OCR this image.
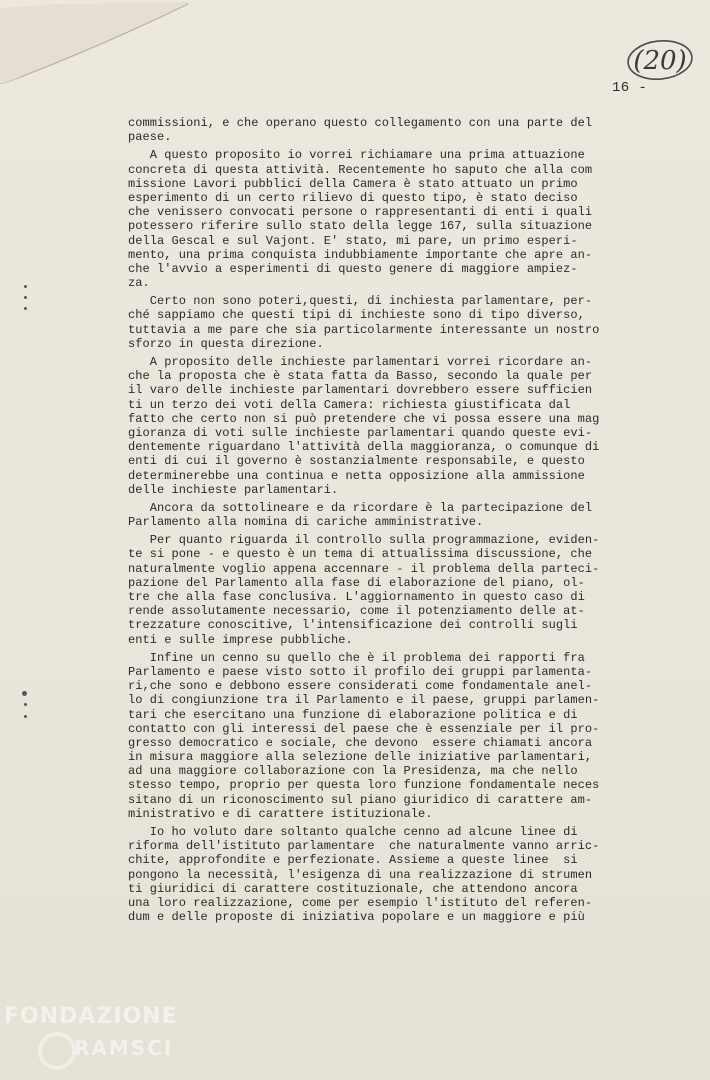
(20)
16 -
commissioni, e che operano questo collegamento con una parte del
paese.
A questo proposito io vorrei richiamare una prima attuazione
concreta di questa attività. Recentemente ho saputo che alla com
missione Lavori pubblici della Camera è stato attuato un primo
esperimento di un certo rilievo di questo tipo, è stato deciso
che venissero convocati persone o rappresentanti di enti i quali
potessero riferire sullo stato della legge 167, sulla situazione
della Gescal e sul Vajont. E' stato, mi pare, un primo esperi-
mento, una prima conquista indubbiamente importante che apre an-
che l'avvio a esperimenti di questo genere di maggiore ampiez-
za.
Certo non sono poteri,questi, di inchiesta parlamentare, per-
ché sappiamo che questi tipi di inchieste sono di tipo diverso,
tuttavia a me pare che sia particolarmente interessante un nostro
sforzo in questa direzione.
A proposito delle inchieste parlamentari vorrei ricordare an-
che la proposta che è stata fatta da Basso, secondo la quale per
il varo delle inchieste parlamentari dovrebbero essere sufficien
ti un terzo dei voti della Camera: richiesta giustificata dal
fatto che certo non si può pretendere che vi possa essere una mag
gioranza di voti sulle inchieste parlamentari quando queste evi-
dentemente riguardano l'attività della maggioranza, o comunque di
enti di cui il governo è sostanzialmente responsabile, e questo
determinerebbe una continua e netta opposizione alla ammissione
delle inchieste parlamentari.
Ancora da sottolineare e da ricordare è la partecipazione del
Parlamento alla nomina di cariche amministrative.
Per quanto riguarda il controllo sulla programmazione, eviden-
te si pone - e questo è un tema di attualissima discussione, che
naturalmente voglio appena accennare - il problema della parteci-
pazione del Parlamento alla fase di elaborazione del piano, ol-
tre che alla fase conclusiva. L'aggiornamento in questo caso di
rende assolutamente necessario, come il potenziamento delle at-
trezzature conoscitive, l'intensificazione dei controlli sugli
enti e sulle imprese pubbliche.
Infine un cenno su quello che è il problema dei rapporti fra
Parlamento e paese visto sotto il profilo dei gruppi parlamenta-
ri,che sono e debbono essere considerati come fondamentale anel-
lo di congiunzione tra il Parlamento e il paese, gruppi parlamen-
tari che esercitano una funzione di elaborazione politica e di
contatto con gli interessi del paese che è essenziale per il pro-
gresso democratico e sociale, che devono  essere chiamati ancora
in misura maggiore alla selezione delle iniziative parlamentari,
ad una maggiore collaborazione con la Presidenza, ma che nello
stesso tempo, proprio per questa loro funzione fondamentale neces
sitano di un riconoscimento sul piano giuridico di carattere am-
ministrativo e di carattere istituzionale.
Io ho voluto dare soltanto qualche cenno ad alcune linee di
riforma dell'istituto parlamentare  che naturalmente vanno arric-
chite, approfondite e perfezionate. Assieme a queste linee  si
pongono la necessità, l'esigenza di una realizzazione di strumen
ti giuridici di carattere costituzionale, che attendono ancora
una loro realizzazione, come per esempio l'istituto del referen-
dum e delle proposte di iniziativa popolare e un maggiore e più
FONDAZIONE
RAMSCI
